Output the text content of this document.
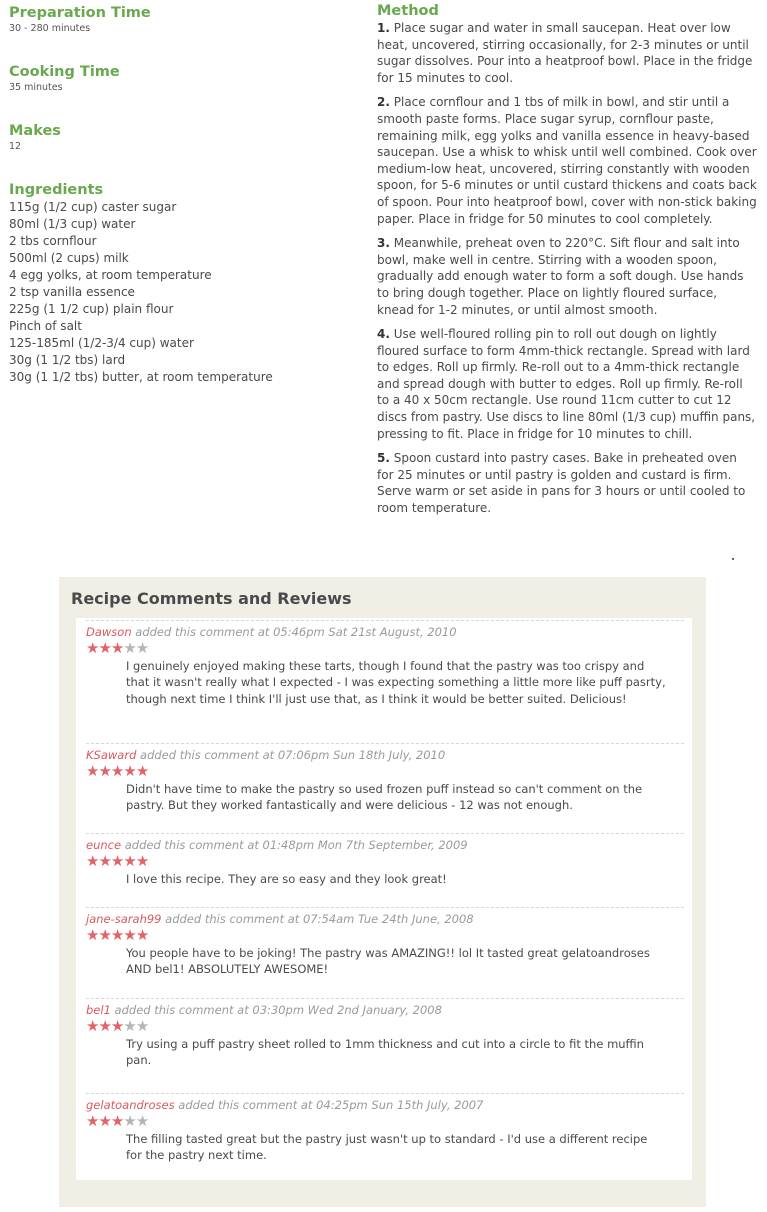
Preparation Time

30 - 280 minutes

Cooking Time

35 minutes

Makes

12

Ingredients
115g (1/2 cup) caster sugar
80ml (1/3 cup) water
2 tbs cornflour
500ml (2 cups) milk
4 egg yolks, at room temperature
2 tsp vanilla essence
225g (1 1/2 cup) plain flour
Pinch of salt
125-185ml (1/2-3/4 cup) water
30g (1 1/2 tbs) lard
30g (1 1/2 tbs) butter, at room temperature
Method

1. Place sugar and water in small saucepan. Heat over low heat, uncovered, stirring occasionally, for 2-3 minutes or until sugar dissolves. Pour into a heatproof bowl. Place in the fridge for 15 minutes to cool.

2. Place cornflour and 1 tbs of milk in bowl, and stir until a smooth paste forms. Place sugar syrup, cornflour paste, remaining milk, egg yolks and vanilla essence in heavy-based saucepan. Use a whisk to whisk until well combined. Cook over medium-low heat, uncovered, stirring constantly with wooden spoon, for 5-6 minutes or until custard thickens and coats back of spoon. Pour into heatproof bowl, cover with non-stick baking paper. Place in fridge for 50 minutes to cool completely.

3. Meanwhile, preheat oven to 220°C. Sift flour and salt into bowl, make well in centre. Stirring with a wooden spoon, gradually add enough water to form a soft dough. Use hands to bring dough together. Place on lightly floured surface, knead for 1-2 minutes, or until almost smooth.

4. Use well-floured rolling pin to roll out dough on lightly floured surface to form 4mm-thick rectangle. Spread with lard to edges. Roll up firmly. Re-roll out to a 4mm-thick rectangle and spread dough with butter to edges. Roll up firmly. Re-roll to a 40 x 50cm rectangle. Use round 11cm cutter to cut 12 discs from pastry. Use discs to line 80ml (1/3 cup) muffin pans, pressing to fit. Place in fridge for 10 minutes to chill.

5. Spoon custard into pastry cases. Bake in preheated oven for 25 minutes or until pastry is golden and custard is firm. Serve warm or set aside in pans for 3 hours or until cooled to room temperature.

Recipe Comments and Reviews
Dawson added this comment at 05:46pm Sat 21st August, 2010
★★★★★
I genuinely enjoyed making these tarts, though I found that the pastry was too crispy and that it wasn't really what I expected - I was expecting something a little more like puff pasrty, though next time I think I'll just use that, as I think it would be better suited. Delicious!
KSaward added this comment at 07:06pm Sun 18th July, 2010
★★★★★
Didn't have time to make the pastry so used frozen puff instead so can't comment on the pastry. But they worked fantastically and were delicious - 12 was not enough.
eunce added this comment at 01:48pm Mon 7th September, 2009
★★★★★
I love this recipe. They are so easy and they look great!
jane-sarah99 added this comment at 07:54am Tue 24th June, 2008
★★★★★
You people have to be joking! The pastry was AMAZING!! lol It tasted great gelatoandroses AND bel1! ABSOLUTELY AWESOME!
bel1 added this comment at 03:30pm Wed 2nd January, 2008
★★★★★
Try using a puff pastry sheet rolled to 1mm thickness and cut into a circle to fit the muffin pan.
gelatoandroses added this comment at 04:25pm Sun 15th July, 2007
★★★★★
The filling tasted great but the pastry just wasn't up to standard - I'd use a different recipe for the pastry next time.
